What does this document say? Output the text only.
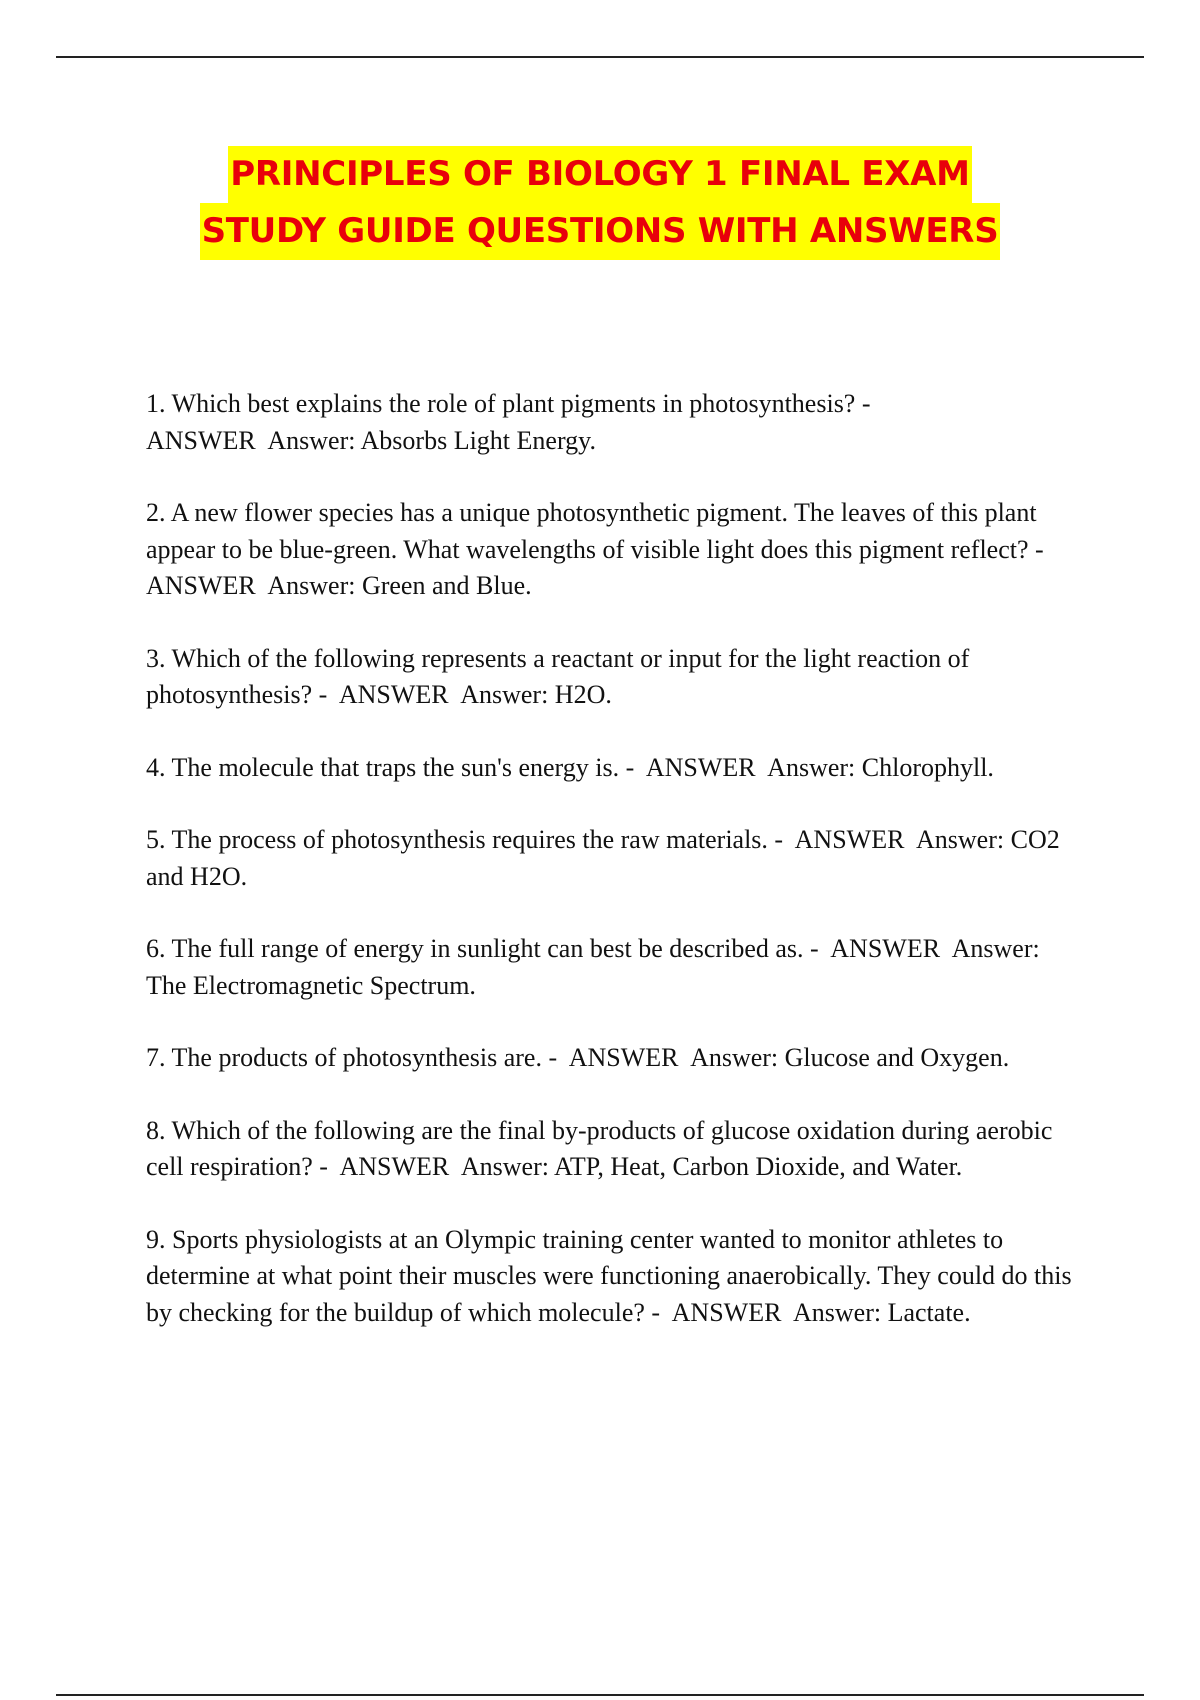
PRINCIPLES OF BIOLOGY 1 FINAL EXAM
STUDY GUIDE QUESTIONS WITH ANSWERS
1. Which best explains the role of plant pigments in photosynthesis? -
ANSWER Answer: Absorbs Light Energy.
2. A new flower species has a unique photosynthetic pigment. The leaves of this plant appear to be blue-green. What wavelengths of visible light does this pigment reflect? -  ANSWER Answer: Green and Blue.
3. Which of the following represents a reactant or input for the light reaction of photosynthesis? - ANSWER Answer: H2O.
4. The molecule that traps the sun's energy is. - ANSWER Answer: Chlorophyll.
5. The process of photosynthesis requires the raw materials. - ANSWER Answer: CO2 and H2O.
6. The full range of energy in sunlight can best be described as. - ANSWER Answer: The Electromagnetic Spectrum.
7. The products of photosynthesis are. - ANSWER Answer: Glucose and Oxygen.
8. Which of the following are the final by-products of glucose oxidation during aerobic cell respiration? - ANSWER Answer: ATP, Heat, Carbon Dioxide, and Water.
9. Sports physiologists at an Olympic training center wanted to monitor athletes to determine at what point their muscles were functioning anaerobically. They could do this by checking for the buildup of which molecule? - ANSWER Answer: Lactate.
